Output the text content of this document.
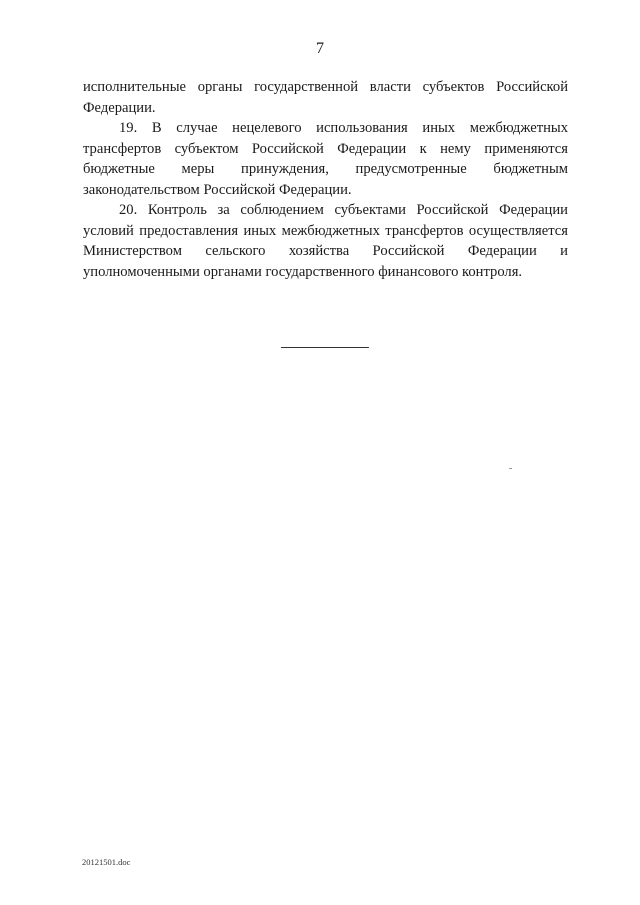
7

исполнительные органы государственной власти субъектов Российской Федерации.

19. В случае нецелевого использования иных межбюджетных трансфертов субъектом Российской Федерации к нему применяются бюджетные меры принуждения, предусмотренные бюджетным законодательством Российской Федерации.

20. Контроль за соблюдением субъектами Российской Федерации условий предоставления иных межбюджетных трансфертов осуществляется Министерством сельского хозяйства Российской Федерации и уполномоченными органами государственного финансового контроля.

20121501.doc
